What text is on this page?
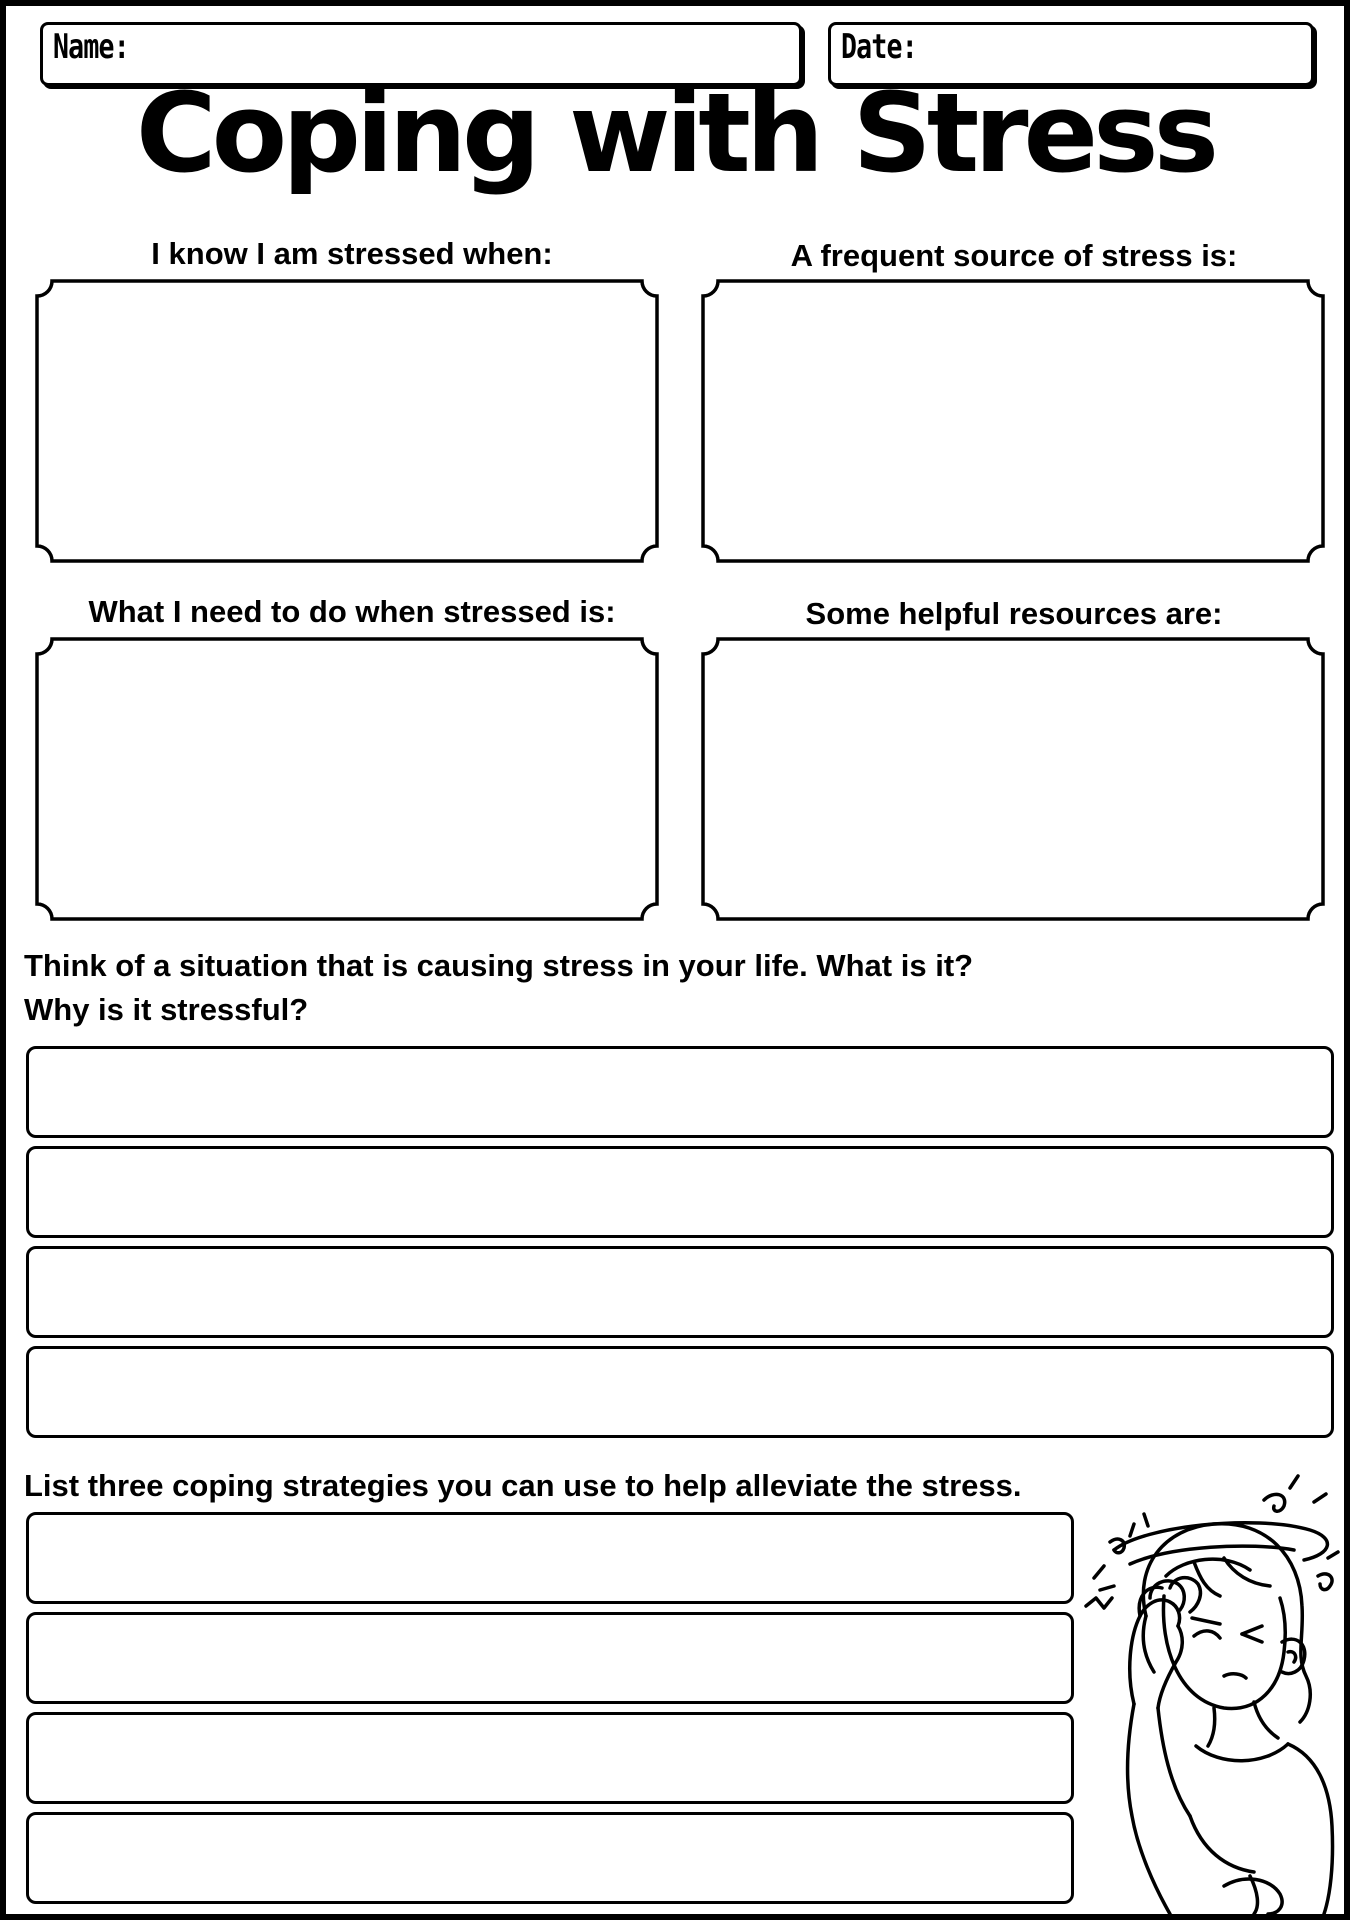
Name:	Date:
Coping with Stress
I know I am stressed when:	A frequent source of stress is:
What I need to do when stressed is:	Some helpful resources are:
Think of a situation that is causing stress in your life. What is it?
Why is it stressful?
List three coping strategies you can use to help alleviate the stress.
